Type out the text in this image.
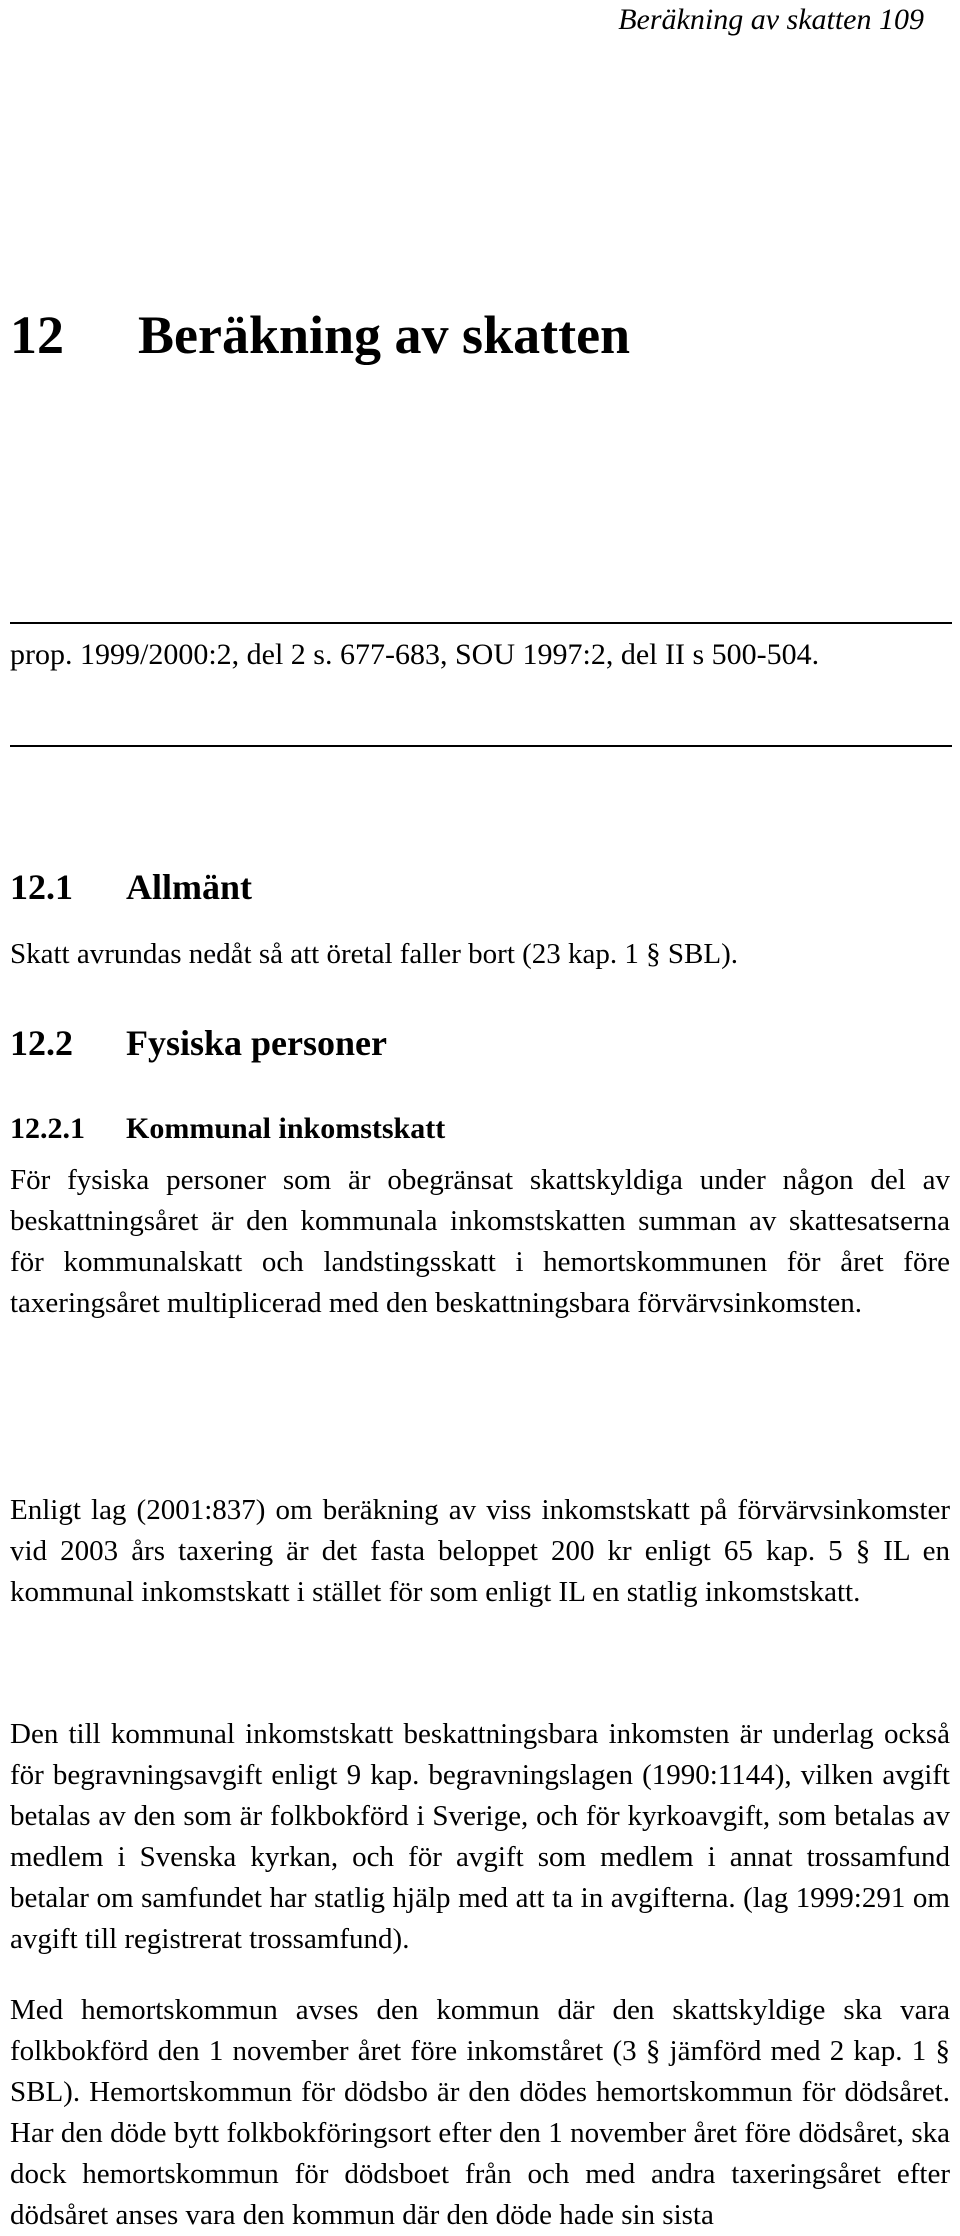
Beräkning av skatten 109
12 Beräkning av skatten
prop. 1999/2000:2, del 2 s. 677-683, SOU 1997:2, del II s 500-504.
12.1 Allmänt
Skatt avrundas nedåt så att öretal faller bort (23 kap. 1 § SBL).
12.2 Fysiska personer
12.2.1 Kommunal inkomstskatt
För fysiska personer som är obegränsat skattskyldiga under någon del av beskattningsåret är den kommunala inkomstskatten summan av skattesatserna för kommunalskatt och landstingsskatt i hemortskommunen för året före taxeringsåret multiplicerad med den beskattningsbara förvärvsinkomsten.
Enligt lag (2001:837) om beräkning av viss inkomstskatt på förvärvsinkomster vid 2003 års taxering är det fasta beloppet 200 kr enligt 65 kap. 5 § IL en kommunal inkomstskatt i stället för som enligt IL en statlig inkomstskatt.
Den till kommunal inkomstskatt beskattningsbara inkomsten är underlag också för begravningsavgift enligt 9 kap. begravningslagen (1990:1144), vilken avgift betalas av den som är folkbokförd i Sverige, och för kyrkoavgift, som betalas av medlem i Svenska kyrkan, och för avgift som medlem i annat trossamfund betalar om samfundet har statlig hjälp med att ta in avgifterna. (lag 1999:291 om avgift till registrerat trossamfund).
Med hemortskommun avses den kommun där den skattskyldige ska vara folkbokförd den 1 november året före inkomståret (3 § jämförd med 2 kap. 1 § SBL). Hemortskommun för dödsbo är den dödes hemortskommun för dödsåret. Har den döde bytt folkbokföringsort efter den 1 november året före dödsåret, ska dock hemortskommun för dödsboet från och med andra taxeringsåret efter dödsåret anses vara den kommun där den döde hade sin sista
